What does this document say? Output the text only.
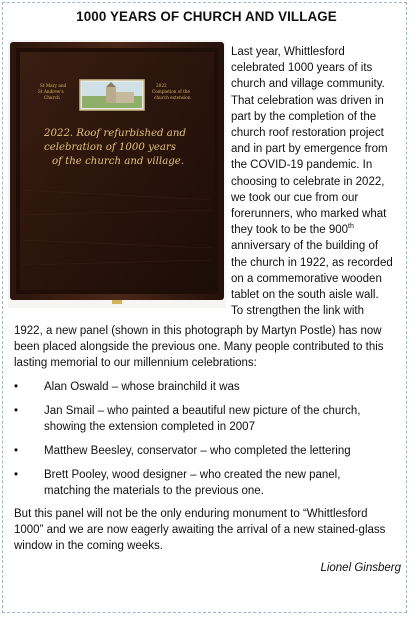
1000 YEARS OF CHURCH AND VILLAGE
St Mary and
St Andrew's
Church
2022
Completion of the
church extension
2022. Roof refurbished and
celebration of 1000 years
of the church and village.
Last year, Whittlesford
celebrated 1000 years of its
church and village community.
That celebration was driven in
part by the completion of the
church roof restoration project
and in part by emergence from
the COVID-19 pandemic. In
choosing to celebrate in 2022,
we took our cue from our
forerunners, who marked what
they took to be the 900th
anniversary of the building of
the church in 1922, as recorded
on a commemorative wooden
tablet on the south aisle wall.
To strengthen the link with
1922, a new panel (shown in this photograph by Martyn Postle) has now
been placed alongside the previous one. Many people contributed to this
lasting memorial to our millennium celebrations:
• Alan Oswald – whose brainchild it was
• Jan Smail – who painted a beautiful new picture of the church,
showing the extension completed in 2007
• Matthew Beesley, conservator – who completed the lettering
• Brett Pooley, wood designer – who created the new panel,
matching the materials to the previous one.
But this panel will not be the only enduring monument to “Whittlesford
1000” and we are now eagerly awaiting the arrival of a new stained-glass
window in the coming weeks.
Lionel Ginsberg
